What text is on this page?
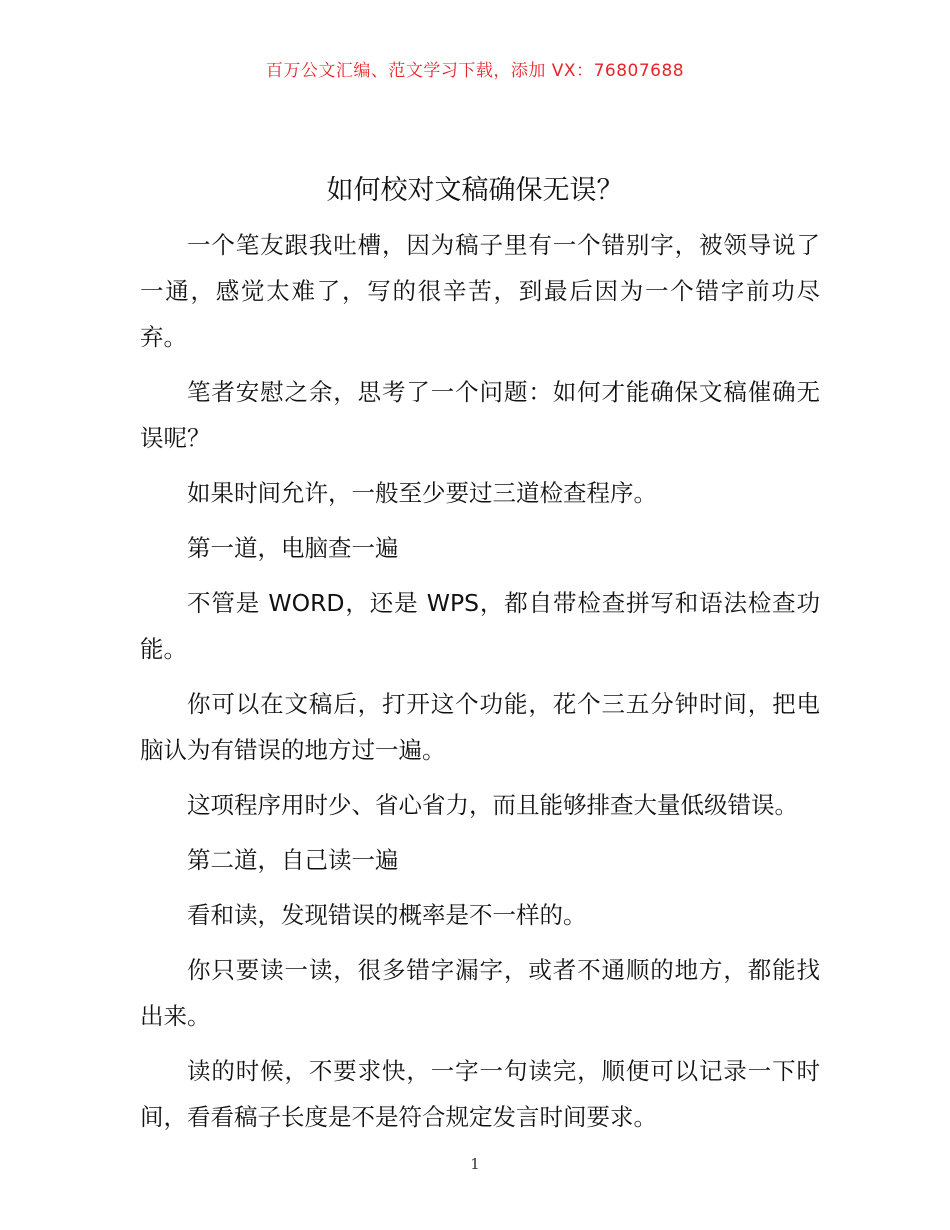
百万公文汇编、范文学习下载，添加 VX：76807688
如何校对文稿确保无误？

一个笔友跟我吐槽，因为稿子里有一个错别字，被领导说了一通，感觉太难了，写的很辛苦，到最后因为一个错字前功尽弃。

笔者安慰之余，思考了一个问题：如何才能确保文稿催确无误呢？

如果时间允许，一般至少要过三道检查程序。

第一道，电脑查一遍

不管是 WORD，还是 WPS，都自带检查拼写和语法检查功能。

你可以在文稿后，打开这个功能，花个三五分钟时间，把电脑认为有错误的地方过一遍。

这项程序用时少、省心省力，而且能够排查大量低级错误。

第二道，自己读一遍

看和读，发现错误的概率是不一样的。

你只要读一读，很多错字漏字，或者不通顺的地方，都能找出来。

读的时候，不要求快，一字一句读完，顺便可以记录一下时间，看看稿子长度是不是符合规定发言时间要求。

1
